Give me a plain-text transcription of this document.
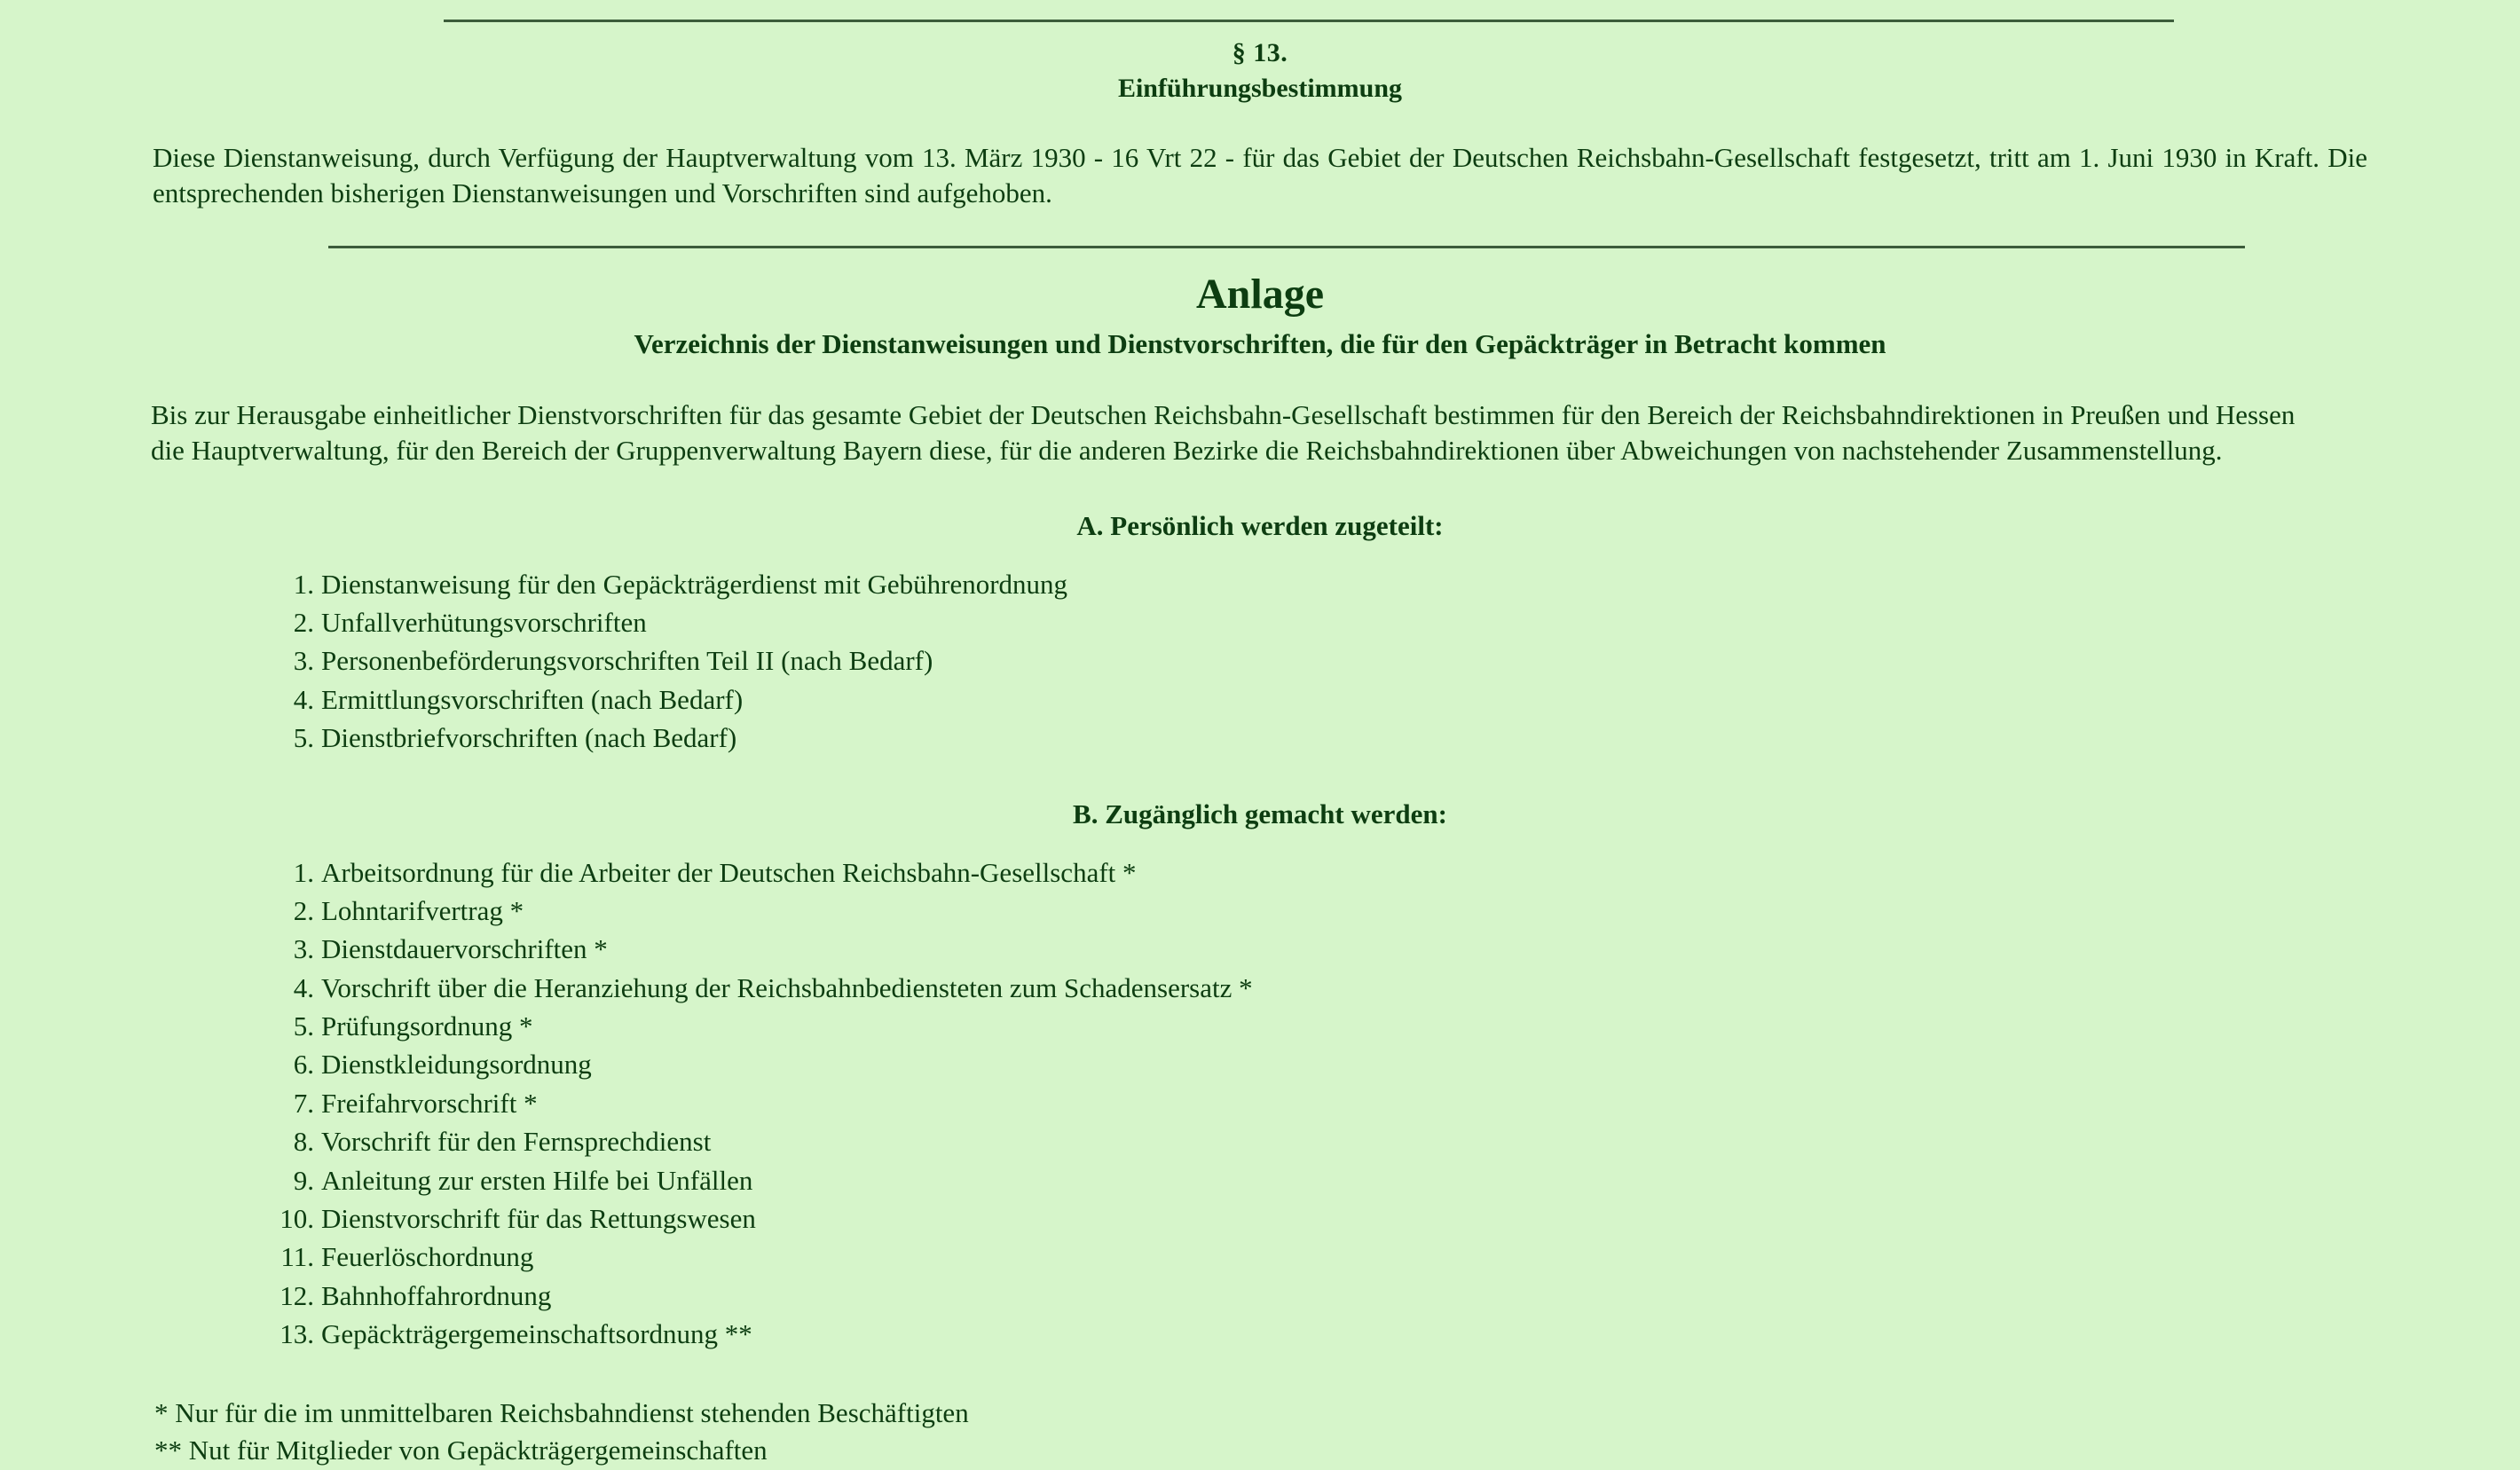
§ 13.
Einführungsbestimmung

Diese Dienstanweisung, durch Verfügung der Hauptverwaltung vom 13. März 1930 - 16 Vrt 22 - für das Gebiet der Deutschen Reichsbahn-Gesellschaft festgesetzt, tritt am 1. Juni 1930 in Kraft. Die entsprechenden bisherigen Dienstanweisungen und Vorschriften sind aufgehoben.

Anlage
Verzeichnis der Dienstanweisungen und Dienstvorschriften, die für den Gepäckträger in Betracht kommen

Bis zur Herausgabe einheitlicher Dienstvorschriften für das gesamte Gebiet der Deutschen Reichsbahn-Gesellschaft bestimmen für den Bereich der Reichsbahndirektionen in Preußen und Hessen
die Hauptverwaltung, für den Bereich der Gruppenverwaltung Bayern diese, für die anderen Bezirke die Reichsbahndirektionen über Abweichungen von nachstehender Zusammenstellung.

A. Persönlich werden zugeteilt:
1. Dienstanweisung für den Gepäckträgerdienst mit Gebührenordnung
2. Unfallverhütungsvorschriften
3. Personenbeförderungsvorschriften Teil II (nach Bedarf)
4. Ermittlungsvorschriften (nach Bedarf)
5. Dienstbriefvorschriften (nach Bedarf)
B. Zugänglich gemacht werden:
1. Arbeitsordnung für die Arbeiter der Deutschen Reichsbahn-Gesellschaft *
2. Lohntarifvertrag *
3. Dienstdauervorschriften *
4. Vorschrift über die Heranziehung der Reichsbahnbediensteten zum Schadensersatz *
5. Prüfungsordnung *
6. Dienstkleidungsordnung
7. Freifahrvorschrift *
8. Vorschrift für den Fernsprechdienst
9. Anleitung zur ersten Hilfe bei Unfällen
10. Dienstvorschrift für das Rettungswesen
11. Feuerlöschordnung
12. Bahnhoffahrordnung
13. Gepäckträgergemeinschaftsordnung **
* Nur für die im unmittelbaren Reichsbahndienst stehenden Beschäftigten
** Nut für Mitglieder von Gepäckträgergemeinschaften
